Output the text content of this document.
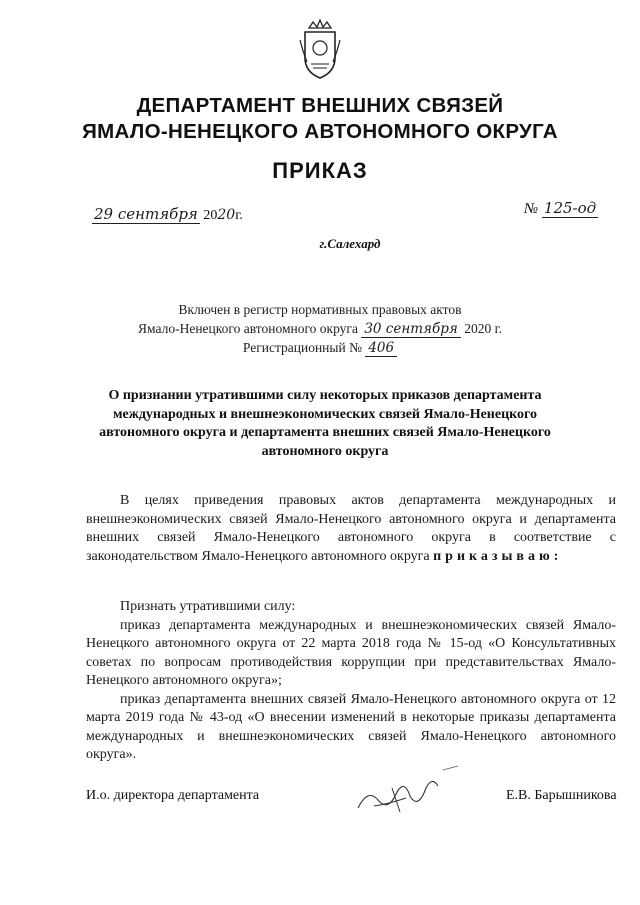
ДЕПАРТАМЕНТ ВНЕШНИХ СВЯЗЕЙ
ЯМАЛО-НЕНЕЦКОГО АВТОНОМНОГО ОКРУГА
ПРИКАЗ
29 сентября 2020г.	№ 125-од
г.Салехард
Включен в регистр нормативных правовых актов
Ямало-Ненецкого автономного округа 30 сентября 2020 г.
Регистрационный № 406
О признании утратившими силу некоторых приказов департамента международных и внешнеэкономических связей Ямало-Ненецкого автономного округа и департамента внешних связей Ямало-Ненецкого автономного округа

В целях приведения правовых актов департамента международных и внешнеэкономических связей Ямало-Ненецкого автономного округа и департамента внешних связей Ямало-Ненецкого автономного округа в соответствие с законодательством Ямало-Ненецкого автономного округа приказываю:

Признать утратившими силу:

приказ департамента международных и внешнеэкономических связей Ямало-Ненецкого автономного округа от 22 марта 2018 года № 15-од «О Консультативных советах по вопросам противодействия коррупции при представительствах Ямало-Ненецкого автономного округа»;

приказ департамента внешних связей Ямало-Ненецкого автономного округа от 12 марта 2019 года № 43-од «О внесении изменений в некоторые приказы департамента международных и внешнеэкономических связей Ямало-Ненецкого автономного округа».

И.о. директора департамента	Е.В. Барышникова
